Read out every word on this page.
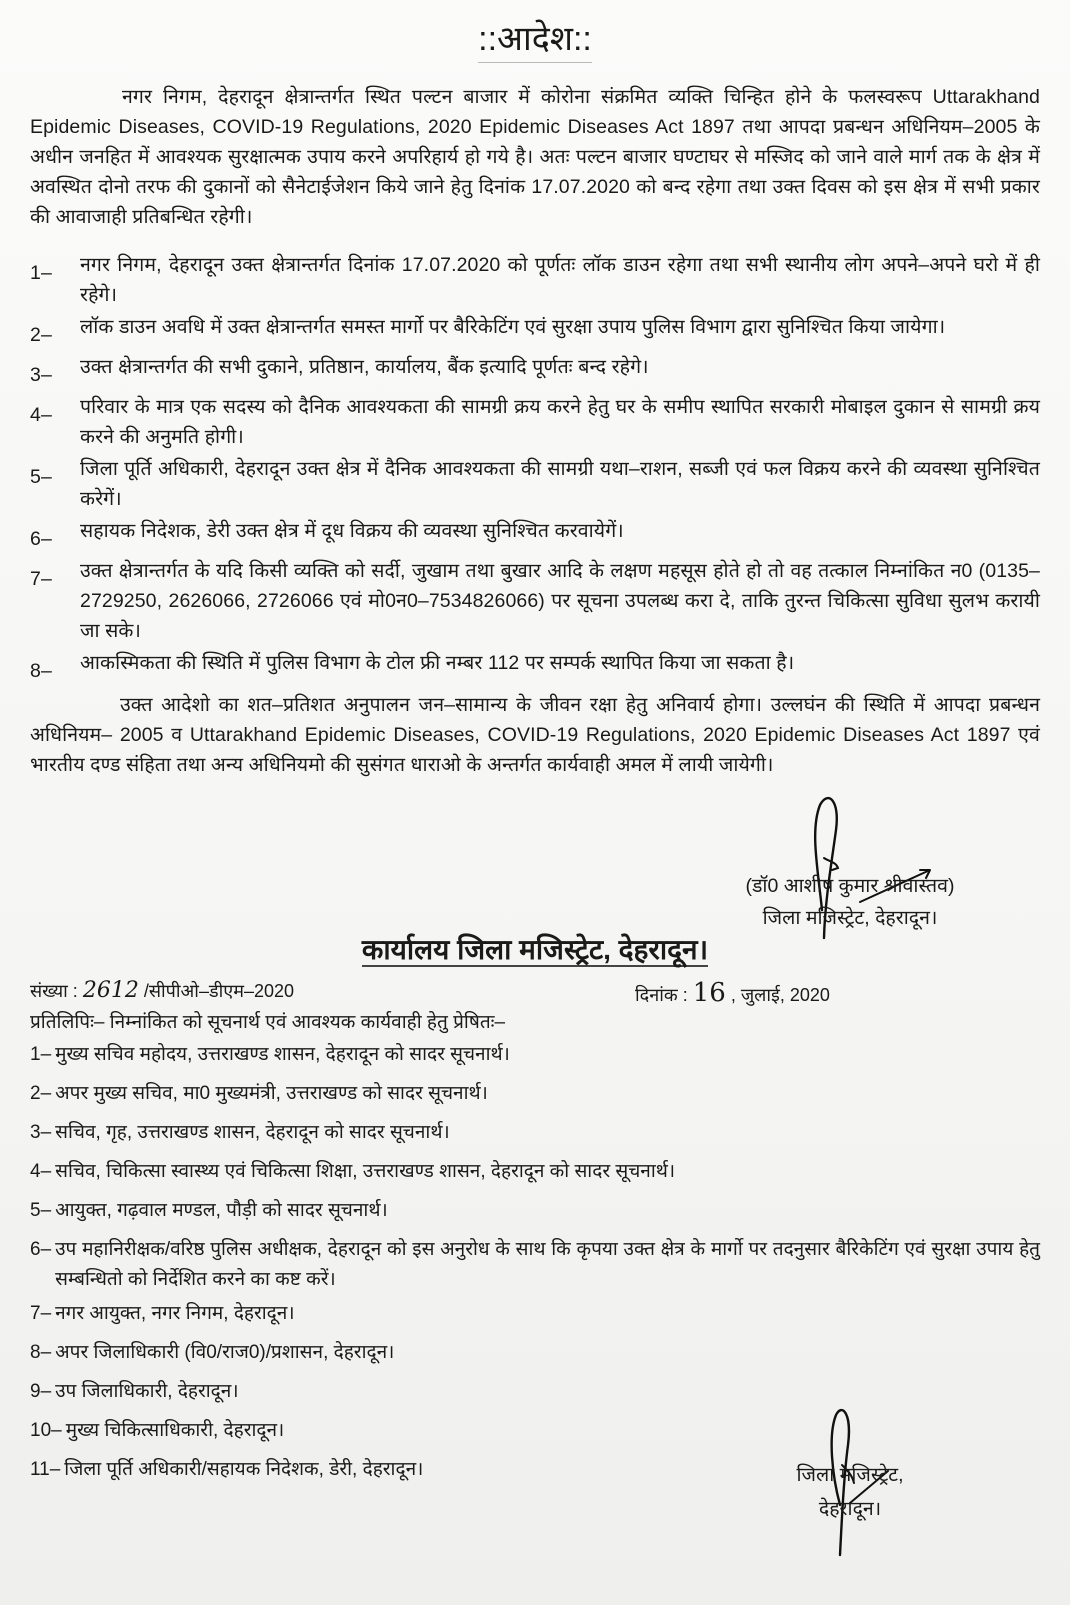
::आदेश::
नगर निगम, देहरादून क्षेत्रान्तर्गत स्थित पल्टन बाजार में कोरोना संक्रमित व्यक्ति चिन्हित होने के फलस्वरूप Uttarakhand Epidemic Diseases, COVID-19 Regulations, 2020 Epidemic Diseases Act 1897 तथा आपदा प्रबन्धन अधिनियम–2005 के अधीन जनहित में आवश्यक सुरक्षात्मक उपाय करने अपरिहार्य हो गये है। अतः पल्टन बाजार घण्टाघर से मस्जिद को जाने वाले मार्ग तक के क्षेत्र में अवस्थित दोनो तरफ की दुकानों को सैनेटाईजेशन किये जाने हेतु दिनांक 17.07.2020 को बन्द रहेगा तथा उक्त दिवस को इस क्षेत्र में सभी प्रकार की आवाजाही प्रतिबन्धित रहेगी।
1–	नगर निगम, देहरादून उक्त क्षेत्रान्तर्गत दिनांक 17.07.2020 को पूर्णतः लॉक डाउन रहेगा तथा सभी स्थानीय लोग अपने–अपने घरो में ही रहेगे।
2–	लॉक डाउन अवधि में उक्त क्षेत्रान्तर्गत समस्त मार्गो पर बैरिकेटिंग एवं सुरक्षा उपाय पुलिस विभाग द्वारा सुनिश्चित किया जायेगा।
3–	उक्त क्षेत्रान्तर्गत की सभी दुकाने, प्रतिष्ठान, कार्यालय, बैंक इत्यादि पूर्णतः बन्द रहेगे।
4–	परिवार के मात्र एक सदस्य को दैनिक आवश्यकता की सामग्री क्रय करने हेतु घर के समीप स्थापित सरकारी मोबाइल दुकान से सामग्री क्रय करने की अनुमति होगी।
5–	जिला पूर्ति अधिकारी, देहरादून उक्त क्षेत्र में दैनिक आवश्यकता की सामग्री यथा–राशन, सब्जी एवं फल विक्रय करने की व्यवस्था सुनिश्चित करेगें।
6–	सहायक निदेशक, डेरी उक्त क्षेत्र में दूध विक्रय की व्यवस्था सुनिश्चित करवायेगें।
7–	उक्त क्षेत्रान्तर्गत के यदि किसी व्यक्ति को सर्दी, जुखाम तथा बुखार आदि के लक्षण महसूस होते हो तो वह तत्काल निम्नांकित न0 (0135–2729250, 2626066, 2726066 एवं मो0न0–7534826066) पर सूचना उपलब्ध करा दे, ताकि तुरन्त चिकित्सा सुविधा सुलभ करायी जा सके।
8–	आकस्मिकता की स्थिति में पुलिस विभाग के टोल फ्री नम्बर 112 पर सम्पर्क स्थापित किया जा सकता है।
उक्त आदेशो का शत–प्रतिशत अनुपालन जन–सामान्य के जीवन रक्षा हेतु अनिवार्य होगा। उल्लघंन की स्थिति में आपदा प्रबन्धन अधिनियम– 2005 व Uttarakhand Epidemic Diseases, COVID-19 Regulations, 2020 Epidemic Diseases Act 1897 एवं भारतीय दण्ड संहिता तथा अन्य अधिनियमो की सुसंगत धाराओ के अन्तर्गत कार्यवाही अमल में लायी जायेगी।
(डॉ0 आशीष कुमार श्रीवास्तव)
जिला मजिस्ट्रेट, देहरादून।
कार्यालय जिला मजिस्ट्रेट, देहरादून।
संख्या : 2612 /सीपीओ–डीएम–2020	दिनांक : 16 , जुलाई, 2020
प्रतिलिपिः– निम्नांकित को सूचनार्थ एवं आवश्यक कार्यवाही हेतु प्रेषितः–
1– मुख्य सचिव महोदय, उत्तराखण्ड शासन, देहरादून को सादर सूचनार्थ।
2– अपर मुख्य सचिव, मा0 मुख्यमंत्री, उत्तराखण्ड को सादर सूचनार्थ।
3– सचिव, गृह, उत्तराखण्ड शासन, देहरादून को सादर सूचनार्थ।
4– सचिव, चिकित्सा स्वास्थ्य एवं चिकित्सा शिक्षा, उत्तराखण्ड शासन, देहरादून को सादर सूचनार्थ।
5– आयुक्त, गढ़वाल मण्डल, पौड़ी को सादर सूचनार्थ।
6– उप महानिरीक्षक/वरिष्ठ पुलिस अधीक्षक, देहरादून को इस अनुरोध के साथ कि कृपया उक्त क्षेत्र के मार्गो पर तदनुसार बैरिकेटिंग एवं सुरक्षा उपाय हेतु सम्बन्धितो को निर्देशित करने का कष्ट करें।
7– नगर आयुक्त, नगर निगम, देहरादून।
8– अपर जिलाधिकारी (वि0/राज0)/प्रशासन, देहरादून।
9– उप जिलाधिकारी, देहरादून।
10– मुख्य चिकित्साधिकारी, देहरादून।
11– जिला पूर्ति अधिकारी/सहायक निदेशक, डेरी, देहरादून।	जिला मजिस्ट्रेट,
देहरादून।
